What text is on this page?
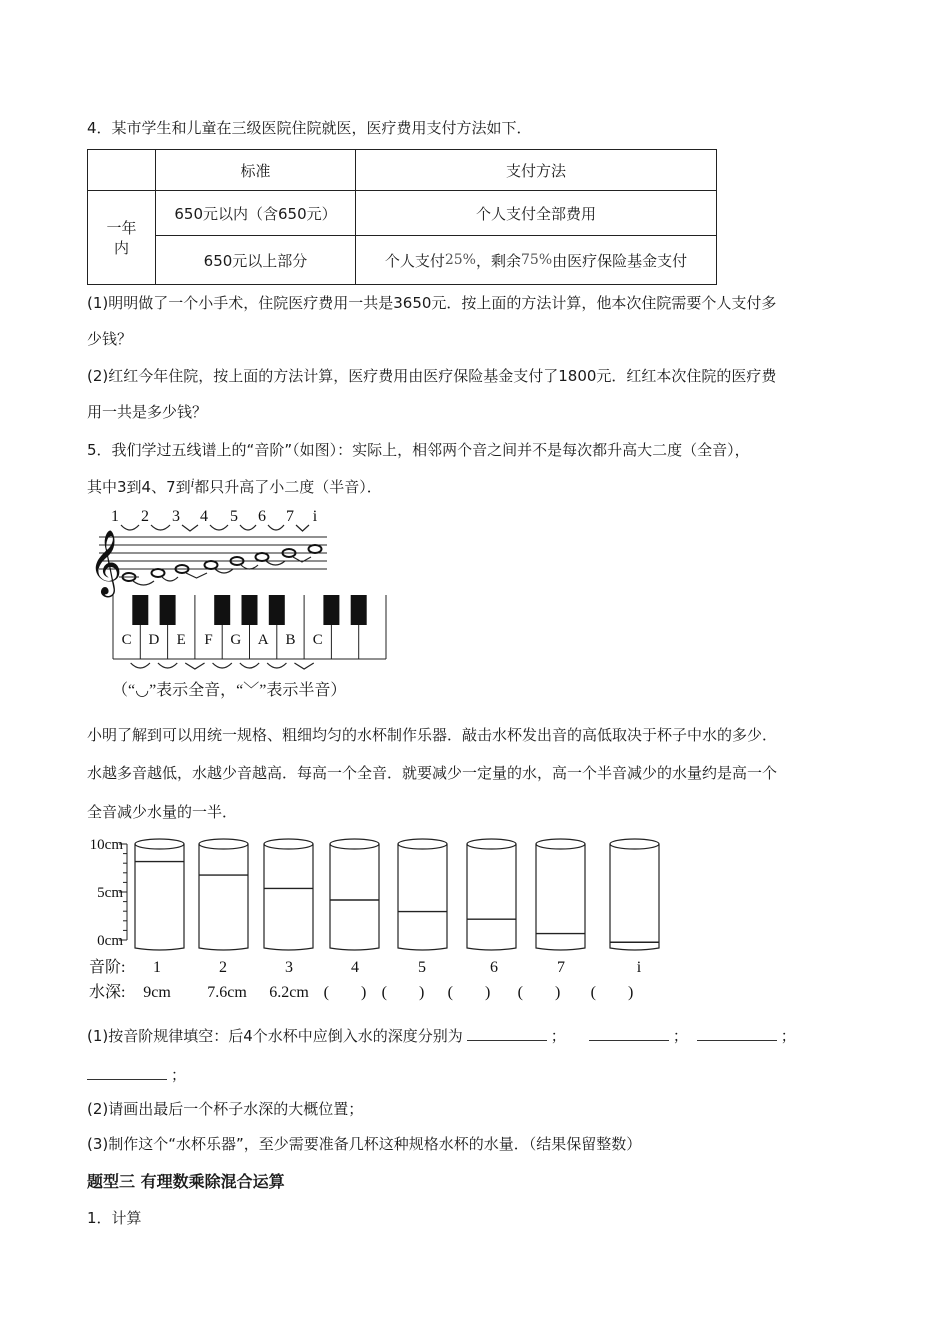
4．某市学生和儿童在三级医院住院就医，医疗费用支付方法如下．
标准	支付方法
一年
内
650元以内（含650元）	个人支付全部费用
650元以上部分	个人支付 25% ，剩余 75% 由医疗保险基金支付
(1)明明做了一个小手术，住院医疗费用一共是3650元．按上面的方法计算，他本次住院需要个人支付多
少钱？
(2)红红今年住院，按上面的方法计算，医疗费用由医疗保险基金支付了1800元．红红本次住院的医疗费
用一共是多少钱？
5．我们学过五线谱上的“音阶”（如图）：实际上，相邻两个音之间并不是每次都升高大二度（全音），
其中3到4、7到i都只升高了小二度（半音）．
1 2 3 4 5 6 7 i
𝄞
C D E F G A B C
（“◡”表示全音，“﹀”表示半音）
小明了解到可以用统一规格、粗细均匀的水杯制作乐器．敲击水杯发出音的高低取决于杯子中水的多少．
水越多音越低，水越少音越高．每高一个全音．就要减少一定量的水，高一个半音减少的水量约是高一个
全音减少水量的一半．
10cm
5cm
0cm
音阶:
水深:
1	2	3	4	5	6	7	i
9cm 7.6cm 6.2cm (　　) (　　) (　　) (　　) (　　)
(1)按音阶规律填空：后4个水杯中应倒入水的深度分别为	；	；	；
；
(2)请画出最后一个杯子水深的大概位置；
(3)制作这个“水杯乐器”，至少需要准备几杯这种规格水杯的水量．（结果保留整数）
题型三 有理数乘除混合运算
1．计算
